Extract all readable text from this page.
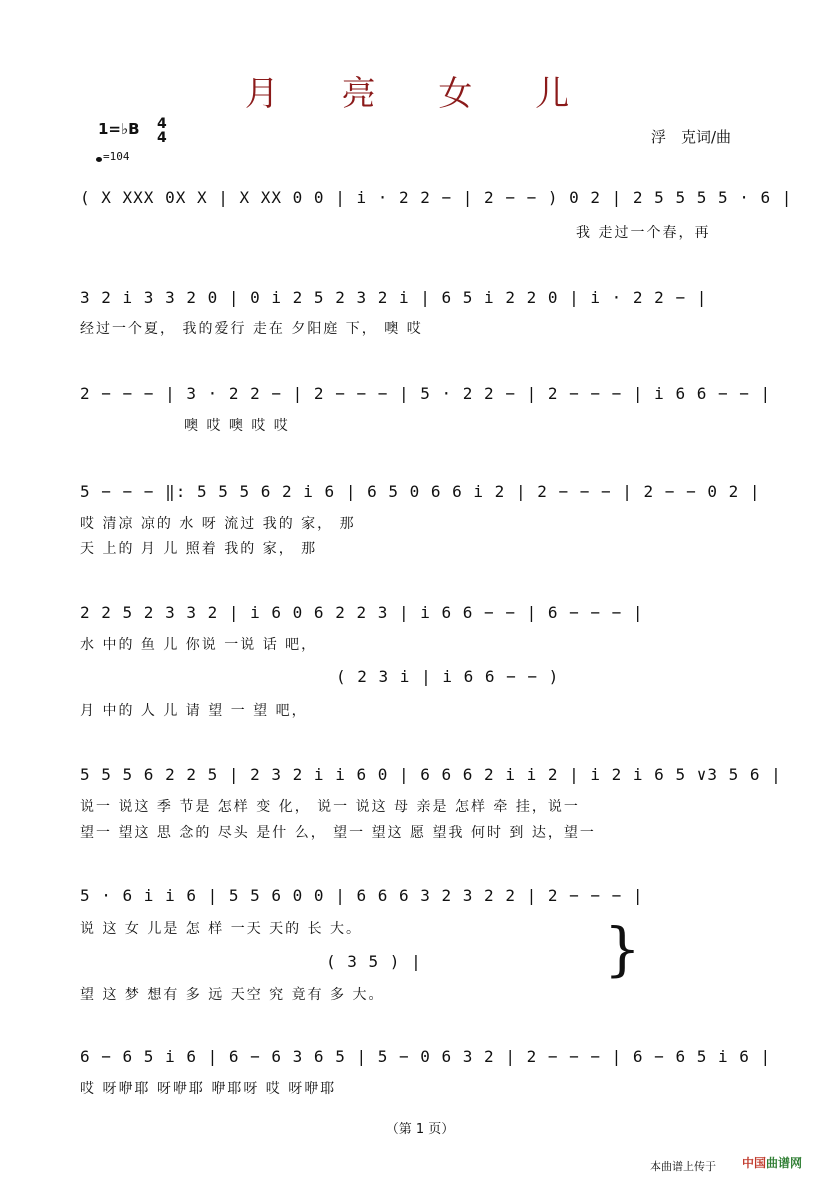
月 亮 女 儿
1=♭B 4
4
=104
浮　克词/曲
( X XXX 0X X | X XX 0 0 | i · 2 2 − | 2 − − ) 0 2 | 2 5 5 5 5 · 6 |
我 走过一个春，再
3 2 i 3 3 2 0 | 0 i 2 5 2 3 2 i | 6 5 i 2 2 0 | i · 2 2 − |
经过一个夏， 我的爱行 走在 夕阳庭 下， 噢 哎
2 − − − | 3 · 2 2 − | 2 − − − | 5 · 2 2 − | 2 − − − | i 6 6 − − |
噢 哎 噢 哎 哎
5 − − − ‖: 5 5 5 6 2 i 6 | 6 5 0 6 6 i 2 | 2 − − − | 2 − − 0 2 |
哎 清凉 凉的 水 呀 流过 我的 家， 那
天 上的 月 儿 照着 我的 家， 那
2 2 5 2 3 3 2 | i 6 0 6 2 2 3 | i 6 6 − − | 6 − − − |
水 中的 鱼 儿 你说 一说 话 吧，
( 2 3 i | i 6 6 − − )
月 中的 人 儿 请 望 一 望 吧，
5 5 5 6 2 2 5 | 2 3 2 i i 6 0 | 6 6 6 2 i i 2 | i 2 i 6 5 ∨3 5 6 |
说一 说这 季 节是 怎样 变 化， 说一 说这 母 亲是 怎样 牵 挂，说一
望一 望这 思 念的 尽头 是什 么， 望一 望这 愿 望我 何时 到 达，望一
5 · 6 i i 6 | 5 5 6 0 0 | 6 6 6 3 2 3 2 2 | 2 − − − |
说 这 女 儿是 怎 样 一天 天的 长 大。
( 3 5 ) |
望 这 梦 想有 多 远 天空 究 竟有 多 大。
}
6 − 6 5 i 6 | 6 − 6 3 6 5 | 5 − 0 6 3 2 | 2 − − − | 6 − 6 5 i 6 |
哎 呀咿耶 呀咿耶 咿耶呀 哎 呀咿耶
（第 1 页）
本曲谱上传于 中国曲谱网
